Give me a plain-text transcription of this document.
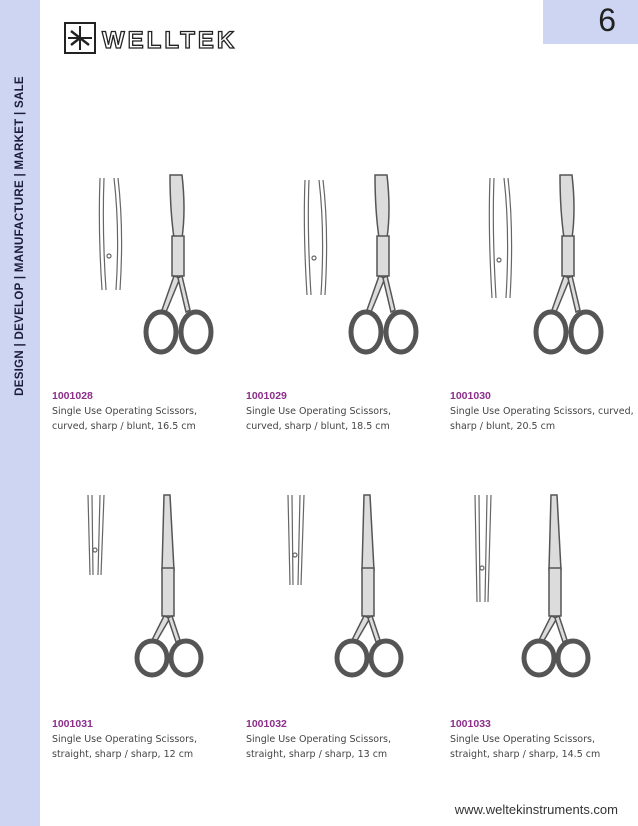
DESIGN | DEVELOP | MANUFACTURE | MARKET | SALE
6
WELLTEK
1001028
Single Use Operating Scissors,
curved, sharp / blunt, 16.5 cm
1001029
Single Use Operating Scissors,
curved, sharp / blunt, 18.5 cm
1001030
Single Use Operating Scissors, curved,
sharp / blunt, 20.5 cm
1001031
Single Use Operating Scissors,
straight, sharp / sharp, 12 cm
1001032
Single Use Operating Scissors,
straight, sharp / sharp, 13 cm
1001033
Single Use Operating Scissors,
straight, sharp / sharp, 14.5 cm
www.weltekinstruments.com
